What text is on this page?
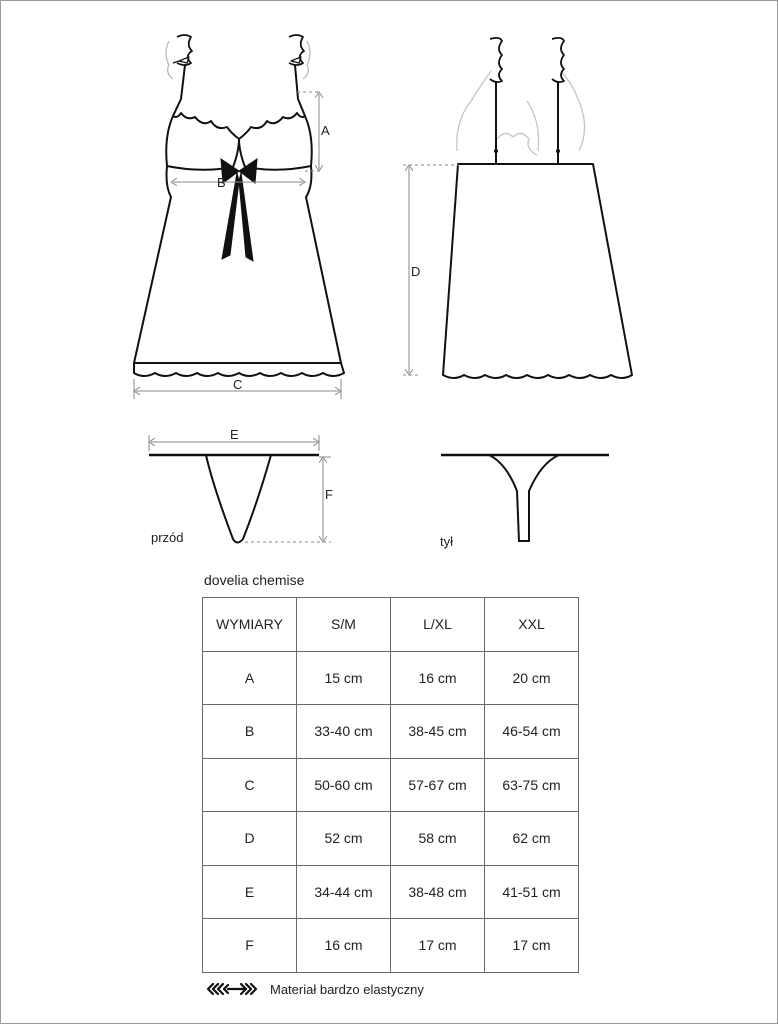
A
B
C
D
E
F
przód	tył
dovelia chemise
WYMIARY	S/M	L/XL	XXL
A	15 cm	16 cm	20 cm
B	33-40 cm	38-45 cm	46-54 cm
C	50-60 cm	57-67 cm	63-75 cm
D	52 cm	58 cm	62 cm
E	34-44 cm	38-48 cm	41-51 cm
F	16 cm	17 cm	17 cm
Materiał bardzo elastyczny
